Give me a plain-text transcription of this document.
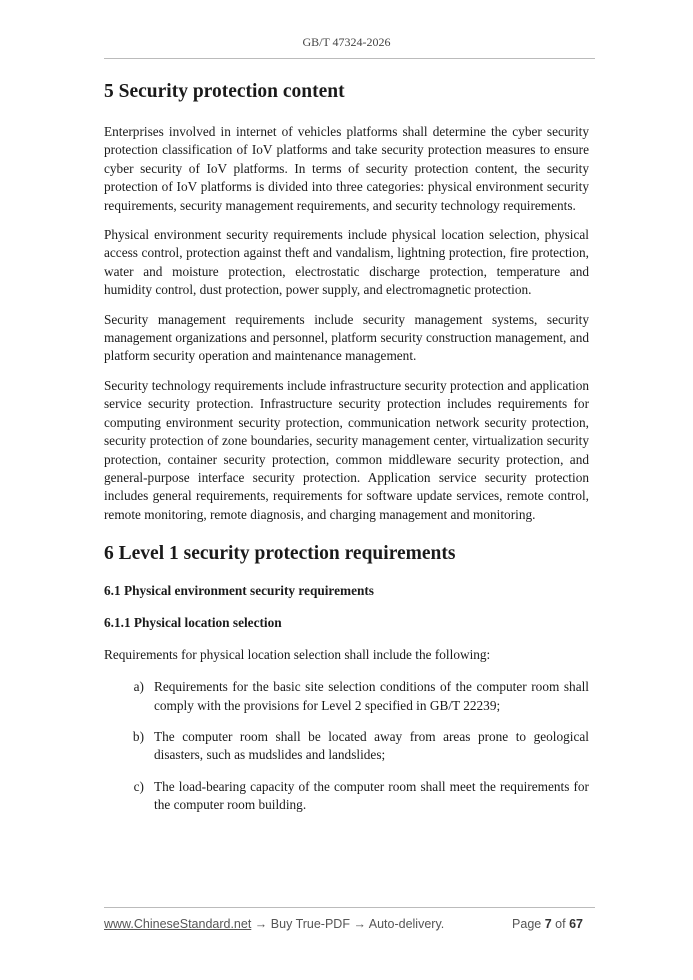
GB/T 47324-2026
5 Security protection content

Enterprises involved in internet of vehicles platforms shall determine the cyber security protection classification of IoV platforms and take security protection measures to ensure cyber security of IoV platforms. In terms of security protection content, the security protection of IoV platforms is divided into three categories: physical environment security requirements, security management requirements, and security technology requirements.

Physical environment security requirements include physical location selection, physical access control, protection against theft and vandalism, lightning protection, fire protection, water and moisture protection, electrostatic discharge protection, temperature and humidity control, dust protection, power supply, and electromagnetic protection.

Security management requirements include security management systems, security management organizations and personnel, platform security construction management, and platform security operation and maintenance management.

Security technology requirements include infrastructure security protection and application service security protection. Infrastructure security protection includes requirements for computing environment security protection, communication network security protection, security protection of zone boundaries, security management center, virtualization security protection, container security protection, common middleware security protection, and general-purpose interface security protection. Application service security protection includes general requirements, requirements for software update services, remote control, remote monitoring, remote diagnosis, and charging management and monitoring.

6 Level 1 security protection requirements
6.1 Physical environment security requirements
6.1.1 Physical location selection

Requirements for physical location selection shall include the following:

a) Requirements for the basic site selection conditions of the computer room shall comply with the provisions for Level 2 specified in GB/T 22239;
b) The computer room shall be located away from areas prone to geological disasters, such as mudslides and landslides;
c) The load-bearing capacity of the computer room shall meet the requirements for the computer room building.
www.ChineseStandard.net → Buy True-PDF → Auto-delivery.	Page 7 of 67
